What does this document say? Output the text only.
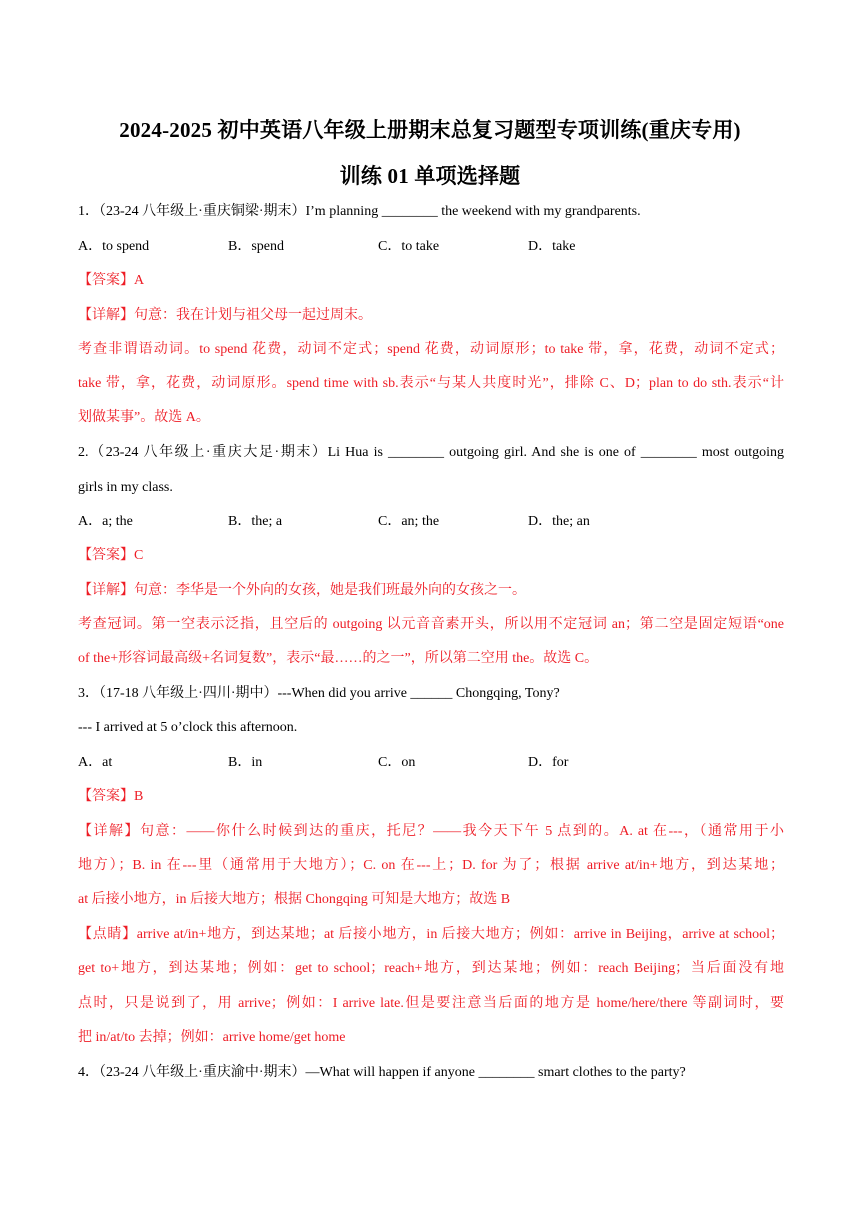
2024-2025 初中英语八年级上册期末总复习题型专项训练(重庆专用)
训练 01 单项选择题
1．（23-24 八年级上·重庆铜梁·期末）I’m planning ________ the weekend with my grandparents.
A．to spend	B．spend	C．to take	D．take
【答案】A
【详解】句意：我在计划与祖父母一起过周末。
考查非谓语动词。to spend 花费，动词不定式；spend 花费，动词原形；to take 带，拿，花费，动词不定式；
take 带，拿，花费，动词原形。spend time with sb.表示“与某人共度时光”，排除 C、D；plan to do sth.表示“计
划做某事”。故选 A。
2.（23-24 八年级上·重庆大足·期末）Li Hua is ________ outgoing girl. And she is one of ________ most outgoing
girls in my class.
A．a; the	B．the; a	C．an; the	D．the; an
【答案】C
【详解】句意：李华是一个外向的女孩，她是我们班最外向的女孩之一。
考查冠词。第一空表示泛指，且空后的 outgoing 以元音音素开头，所以用不定冠词 an；第二空是固定短语“one
of the+形容词最高级+名词复数”，表示“最……的之一”，所以第二空用 the。故选 C。
3．（17-18 八年级上·四川·期中）---When did you arrive ______ Chongqing, Tony?
--- I arrived at 5 o’clock this afternoon.
A．at	B．in	C．on	D．for
【答案】B
【详解】句意：——你什么时候到达的重庆，托尼？——我今天下午 5 点到的。A. at 在---，（通常用于小
地方）；B. in 在---里（通常用于大地方）；C. on 在---上；D. for 为了；根据 arrive at/in+地方，到达某地；
at 后接小地方，in 后接大地方；根据 Chongqing 可知是大地方；故选 B
【点睛】arrive at/in+地方，到达某地；at 后接小地方，in 后接大地方；例如：arrive in Beijing，arrive at school；
get to+地方，到达某地；例如：get to school；reach+地方，到达某地；例如：reach Beijing；当后面没有地
点时，只是说到了，用 arrive；例如：I arrive late.但是要注意当后面的地方是 home/here/there 等副词时，要
把 in/at/to 去掉；例如：arrive home/get home
4．（23-24 八年级上·重庆渝中·期末）—What will happen if anyone ________ smart clothes to the party?
